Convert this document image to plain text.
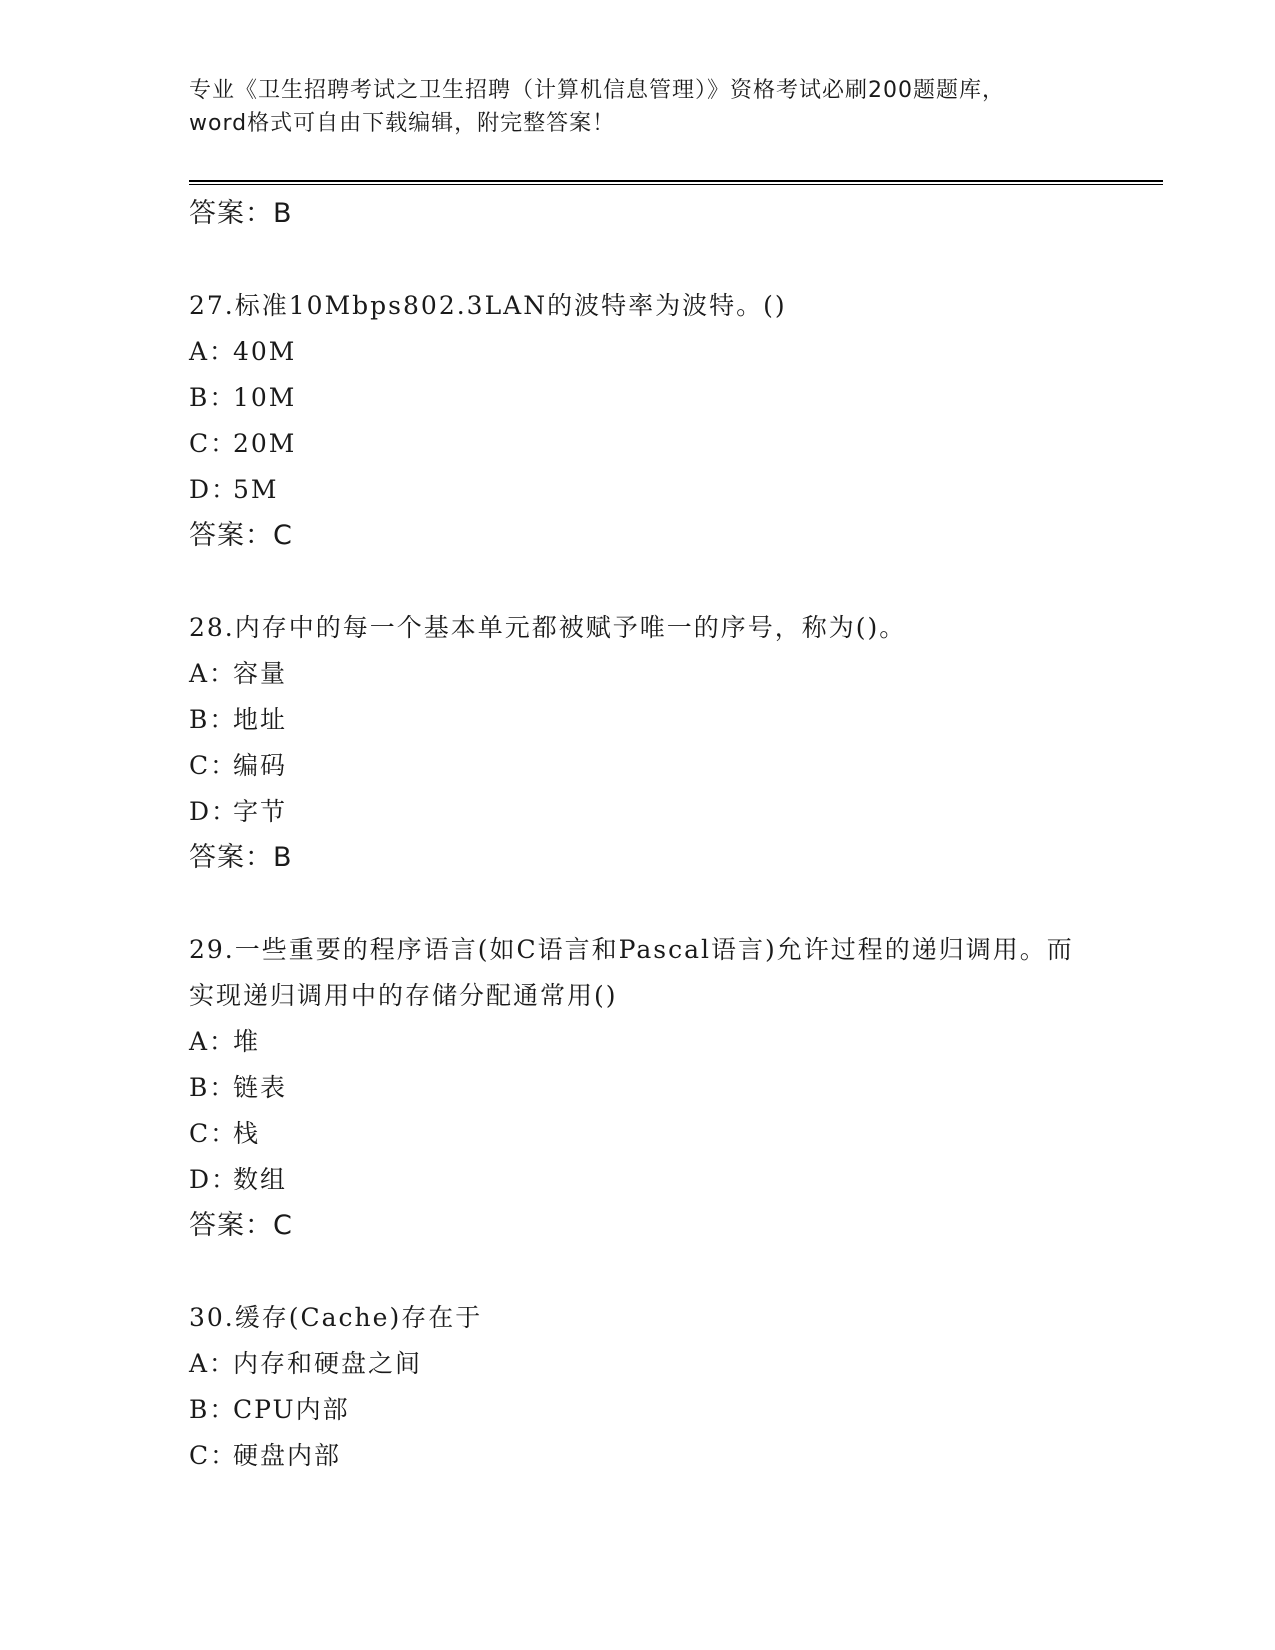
专业《卫生招聘考试之卫生招聘（计算机信息管理）》资格考试必刷200题题库，
word格式可自由下载编辑，附完整答案！
答案：B
27.标准10Mbps802.3LAN的波特率为波特。()
A：40M
B：10M
C：20M
D：5M
答案：C
28.内存中的每一个基本单元都被赋予唯一的序号，称为()。
A：容量
B：地址
C：编码
D：字节
答案：B
29.一些重要的程序语言(如C语言和Pascal语言)允许过程的递归调用。而实现递归调用中的存储分配通常用()
A：堆
B：链表
C：栈
D：数组
答案：C
30.缓存(Cache)存在于
A：内存和硬盘之间
B：CPU内部
C：硬盘内部
